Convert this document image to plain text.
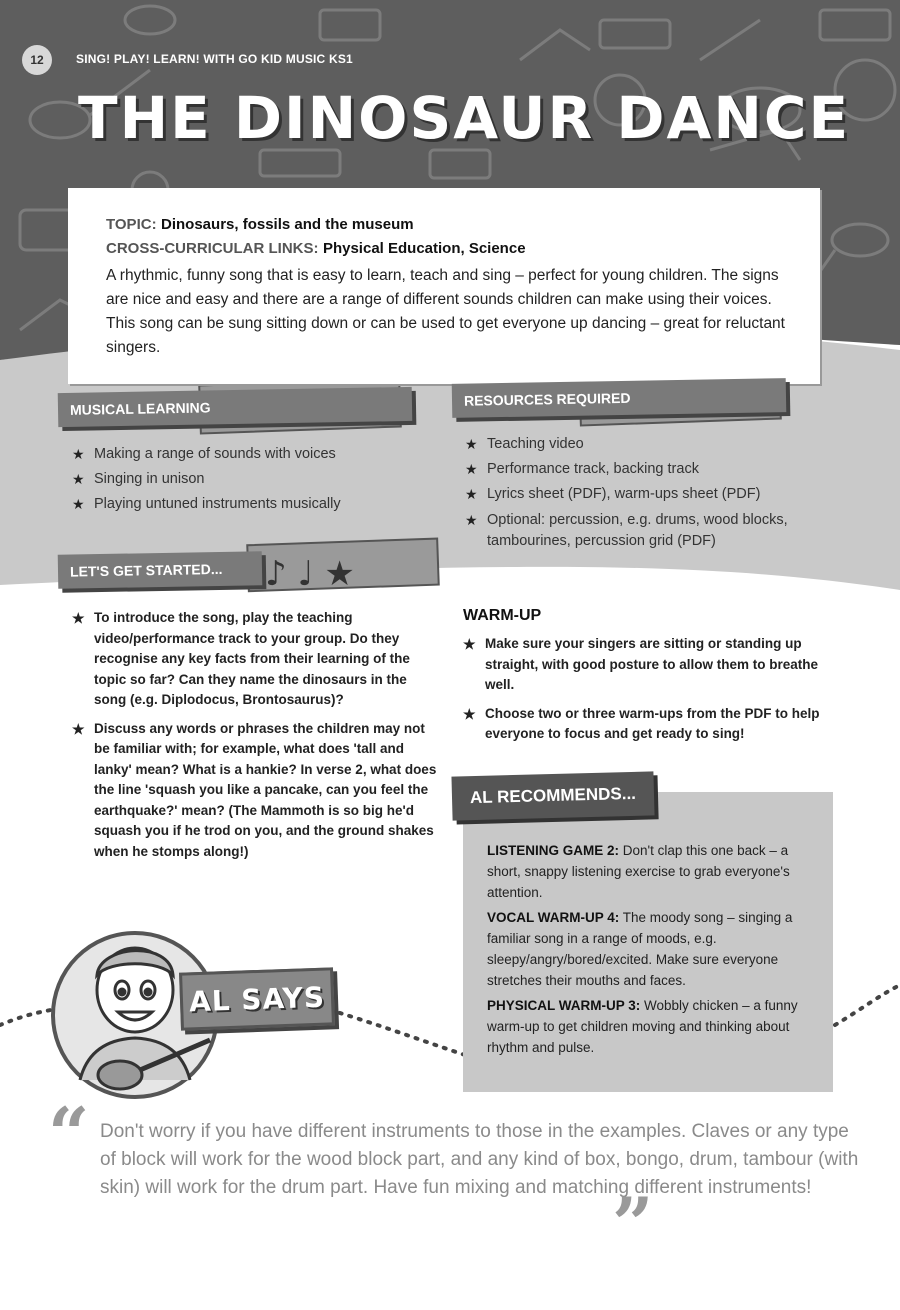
♪ ♩ ★
12	SING! PLAY! LEARN! WITH GO KID MUSIC KS1
THE DINOSAUR DANCE
TOPIC: Dinosaurs, fossils and the museum
CROSS-CURRICULAR LINKS: Physical Education, Science
A rhythmic, funny song that is easy to learn, teach and sing – perfect for young children. The signs are nice and easy and there are a range of different sounds children can make using their voices. This song can be sung sitting down or can be used to get everyone up dancing – great for reluctant singers.
MUSICAL LEARNING
★ Making a range of sounds with voices
★ Singing in unison
★ Playing untuned instruments musically
RESOURCES REQUIRED
★ Teaching video
★ Performance track, backing track
★ Lyrics sheet (PDF), warm-ups sheet (PDF)
★ Optional: percussion, e.g. drums, wood blocks, tambourines, percussion grid (PDF)
LET'S GET STARTED...
★ To introduce the song, play the teaching video/performance track to your group. Do they recognise any key facts from their learning of the topic so far? Can they name the dinosaurs in the song (e.g. Diplodocus, Brontosaurus)?
★ Discuss any words or phrases the children may not be familiar with; for example, what does 'tall and lanky' mean? What is a hankie? In verse 2, what does the line 'squash you like a pancake, can you feel the earthquake?' mean? (The Mammoth is so big he'd squash you if he trod on you, and the ground shakes when he stomps along!)
WARM-UP
★ Make sure your singers are sitting or standing up straight, with good posture to allow them to breathe well.
★ Choose two or three warm-ups from the PDF to help everyone to focus and get ready to sing!
LISTENING GAME 2: Don't clap this one back – a short, snappy listening exercise to grab everyone's attention.
VOCAL WARM-UP 4: The moody song – singing a familiar song in a range of moods, e.g. sleepy/angry/bored/excited. Make sure everyone stretches their mouths and faces.
PHYSICAL WARM-UP 3: Wobbly chicken – a funny warm-up to get children moving and thinking about rhythm and pulse.
AL RECOMMENDS...
AL SAYS
“ Don't worry if you have different instruments to those in the examples. Claves or any type of block will work for the wood block part, and any kind of box, bongo, drum, tambour (with skin) will work for the drum part. Have fun mixing and matching different instruments!
”
